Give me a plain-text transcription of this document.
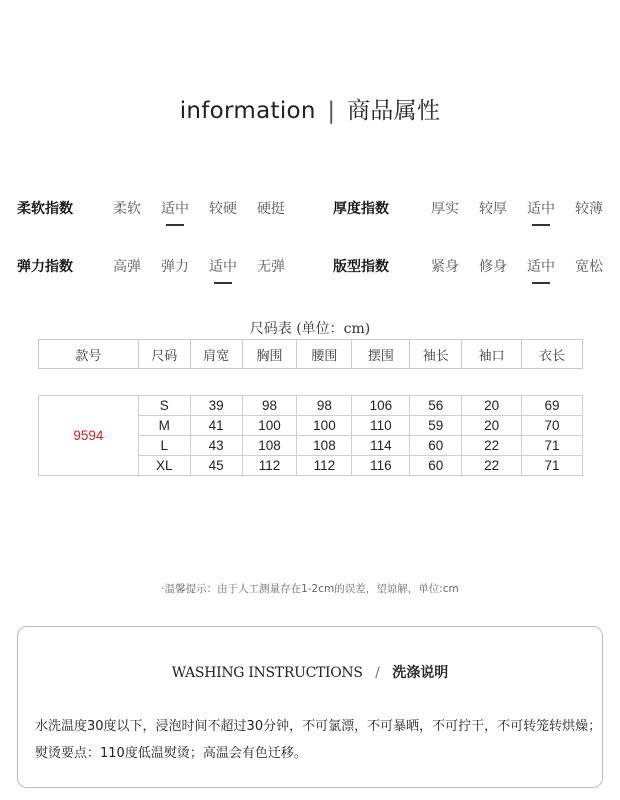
information | 商品属性
柔软指数	柔软 适中 较硬 硬挺	厚度指数	厚实 较厚 适中 较薄
弹力指数	高弹 弹力 适中 无弹	版型指数	紧身 修身 适中 宽松
尺码表 (单位：cm)
款号	尺码	肩宽	胸围	腰围	摆围	袖长	袖口	衣长
9594	S	39	98	98	106	56	20	69
	M	41	100	100	110	59	20	70
	L	43	108	108	114	60	22	71
	XL	45	112	112	116	60	22	71
·温馨提示：由于人工测量存在1-2cm的误差，望谅解，单位:cm
WASHING INSTRUCTIONS / 洗涤说明
水洗温度30度以下，浸泡时间不超过30分钟，不可氯漂，不可暴晒，不可拧干，不可转笼转烘燥；
熨烫要点：110度低温熨烫；高温会有色迁移。
